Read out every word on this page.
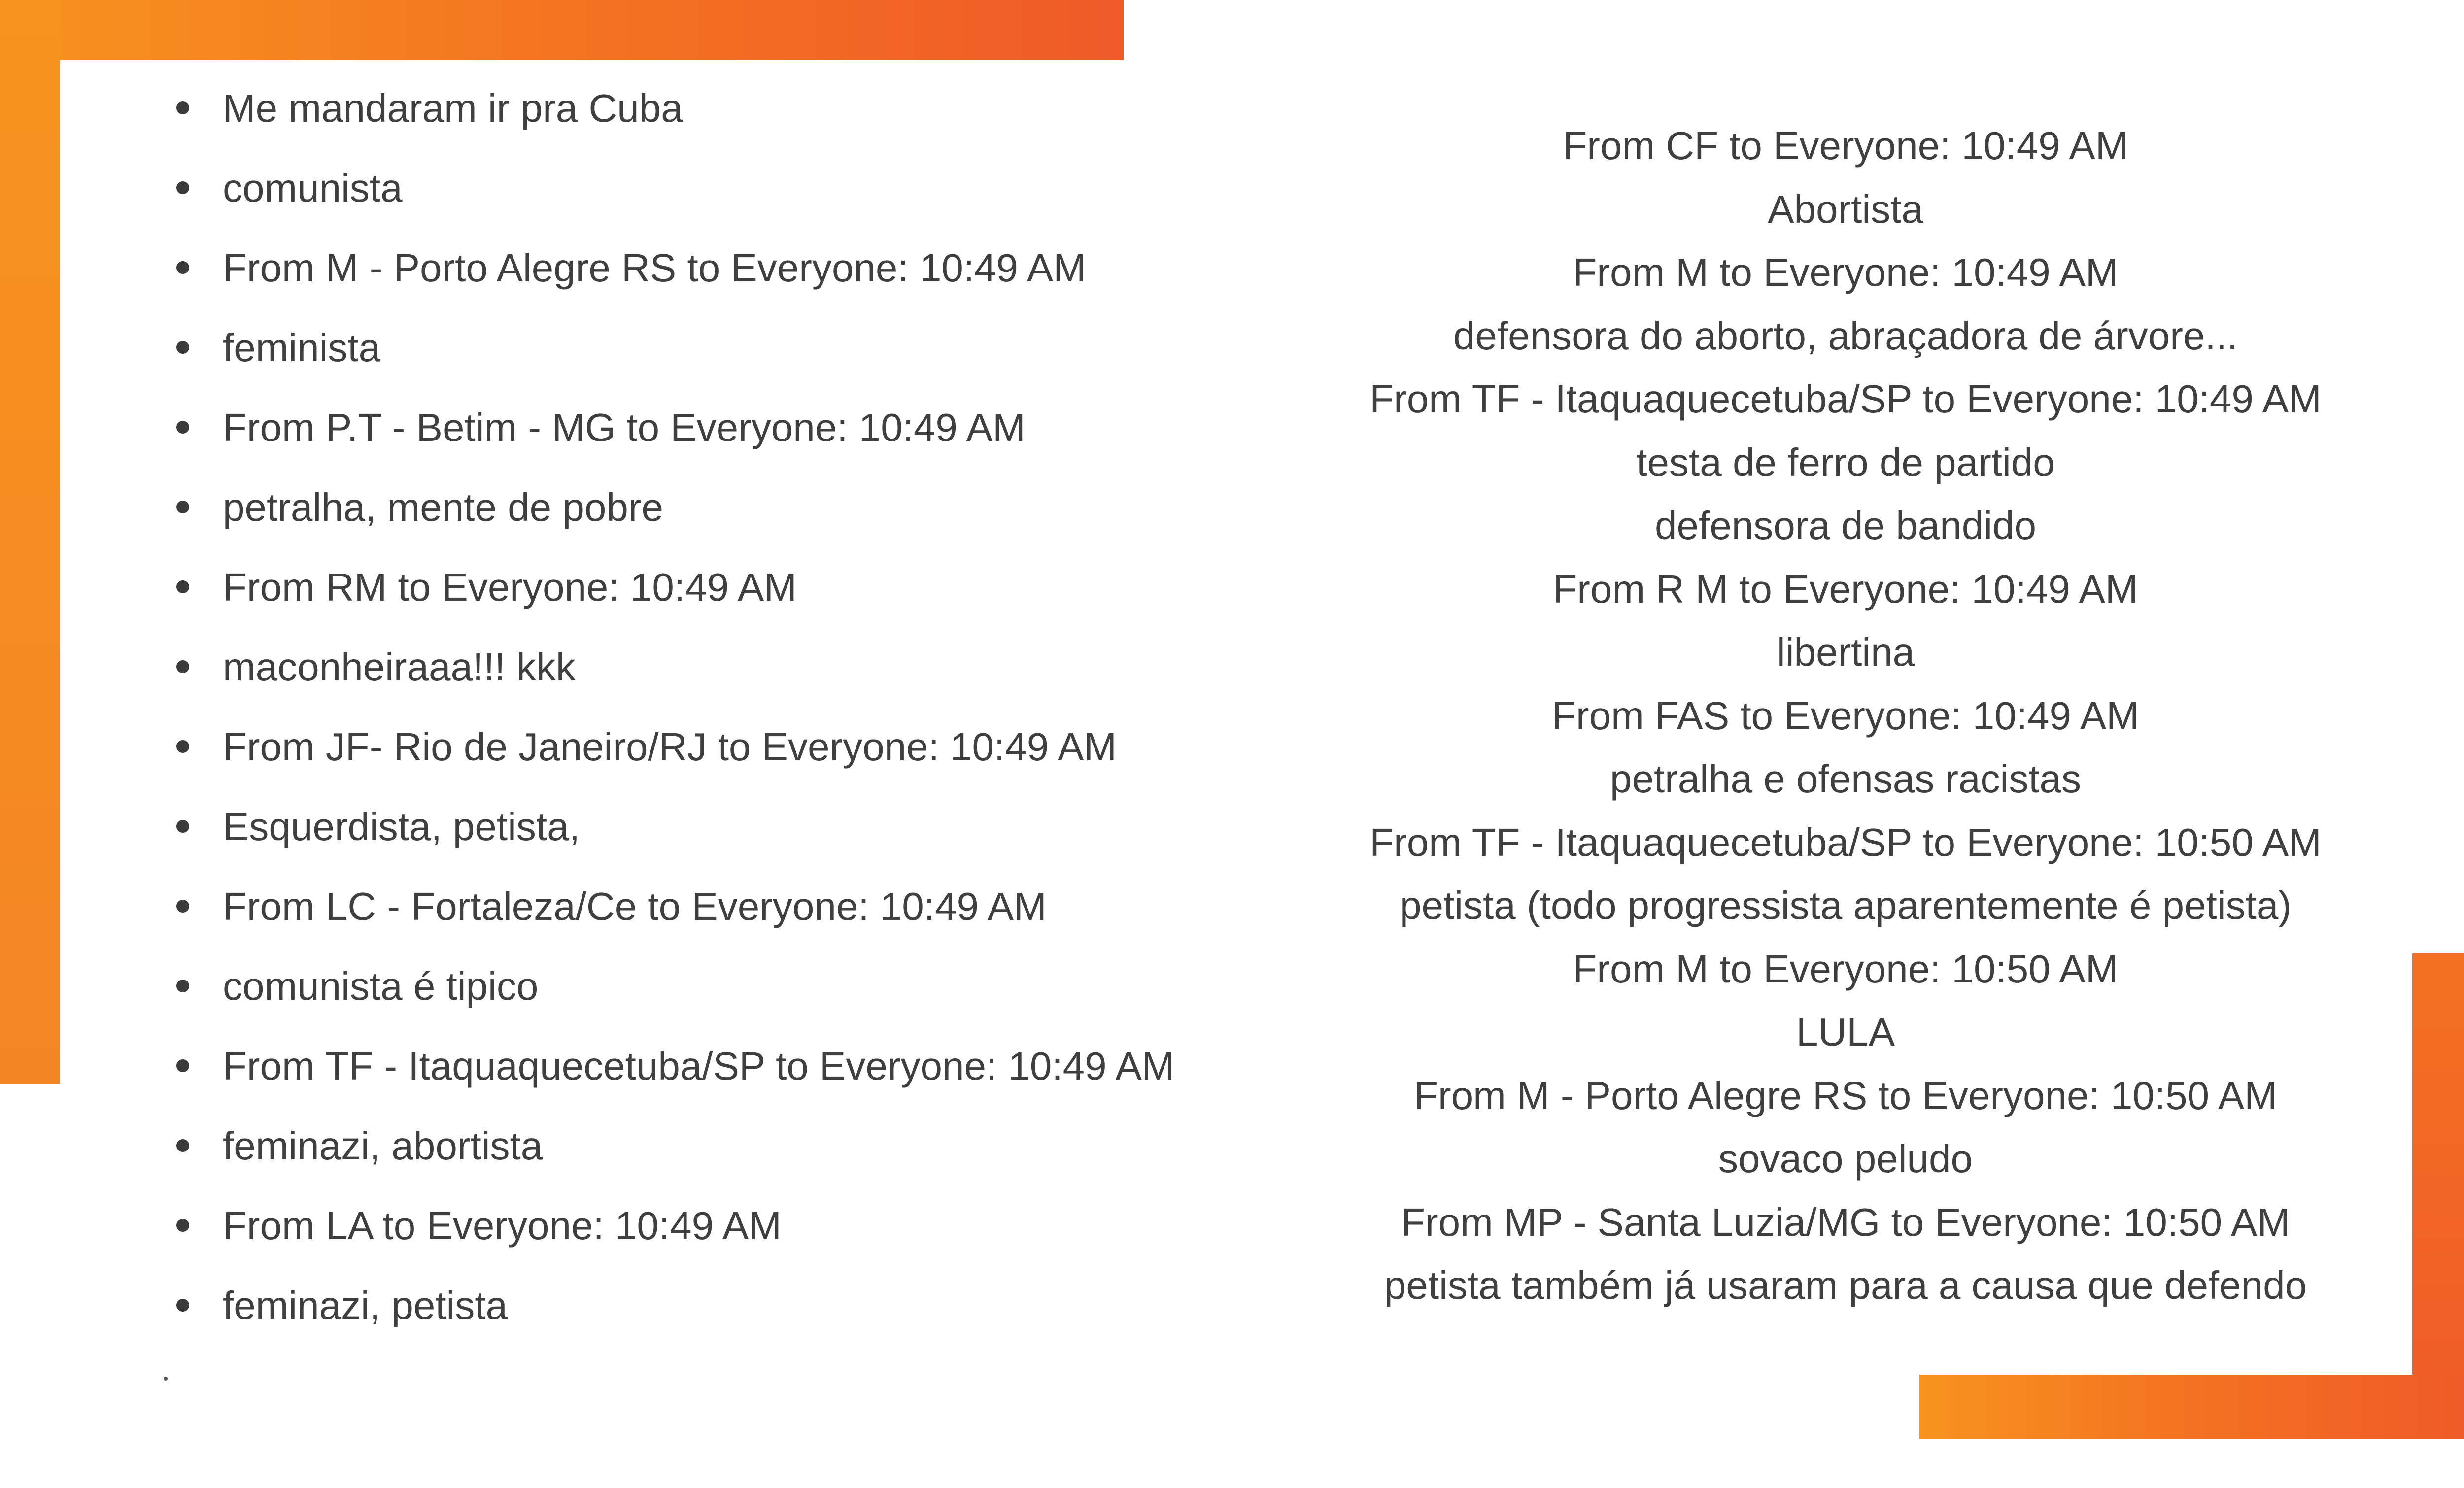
Me mandaram ir pra Cuba
comunista
From M - Porto Alegre RS to Everyone: 10:49 AM
feminista
From P.T - Betim - MG to Everyone: 10:49 AM
petralha, mente de pobre
From RM to Everyone: 10:49 AM
maconheiraaa!!! kkk
From JF- Rio de Janeiro/RJ to Everyone: 10:49 AM
Esquerdista, petista,
From LC - Fortaleza/Ce to Everyone: 10:49 AM
comunista é tipico
From TF - Itaquaquecetuba/SP to Everyone: 10:49 AM
feminazi, abortista
From LA to Everyone: 10:49 AM
feminazi, petista
From CF to Everyone: 10:49 AM
Abortista
From M to Everyone: 10:49 AM
defensora do aborto, abraçadora de árvore...
From TF - Itaquaquecetuba/SP to Everyone: 10:49 AM
testa de ferro de partido
defensora de bandido
From R M to Everyone: 10:49 AM
libertina
From FAS to Everyone: 10:49 AM
petralha e ofensas racistas
From TF - Itaquaquecetuba/SP to Everyone: 10:50 AM
petista (todo progressista aparentemente é petista)
From M to Everyone: 10:50 AM
LULA
From M - Porto Alegre RS to Everyone: 10:50 AM
sovaco peludo
From MP - Santa Luzia/MG to Everyone: 10:50 AM
petista também já usaram para a causa que defendo
